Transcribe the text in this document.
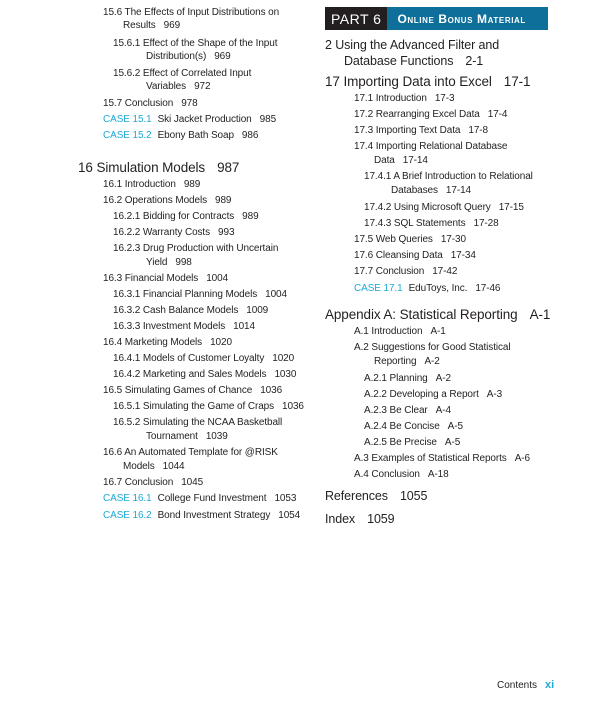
15.6 The Effects of Input Distributions on
Results 969
15.6.1 Effect of the Shape of the Input
Distribution(s) 969
15.6.2 Effect of Correlated Input
Variables 972
15.7 Conclusion 978
CASE 15.1 Ski Jacket Production 985
CASE 15.2 Ebony Bath Soap 986
16 Simulation Models 987
16.1 Introduction 989
16.2 Operations Models 989
16.2.1 Bidding for Contracts 989
16.2.2 Warranty Costs 993
16.2.3 Drug Production with Uncertain
Yield 998
16.3 Financial Models 1004
16.3.1 Financial Planning Models 1004
16.3.2 Cash Balance Models 1009
16.3.3 Investment Models 1014
16.4 Marketing Models 1020
16.4.1 Models of Customer Loyalty 1020
16.4.2 Marketing and Sales Models 1030
16.5 Simulating Games of Chance 1036
16.5.1 Simulating the Game of Craps 1036
16.5.2 Simulating the NCAA Basketball
Tournament 1039
16.6 An Automated Template for @RISK
Models 1044
16.7 Conclusion 1045
CASE 16.1 College Fund Investment 1053
CASE 16.2 Bond Investment Strategy 1054
PART 6	Online Bonus Material
2 Using the Advanced Filter and
Database Functions 2-1
17 Importing Data into Excel 17-1
17.1 Introduction 17-3
17.2 Rearranging Excel Data 17-4
17.3 Importing Text Data 17-8
17.4 Importing Relational Database
Data 17-14
17.4.1 A Brief Introduction to Relational
Databases 17-14
17.4.2 Using Microsoft Query 17-15
17.4.3 SQL Statements 17-28
17.5 Web Queries 17-30
17.6 Cleansing Data 17-34
17.7 Conclusion 17-42
CASE 17.1 EduToys, Inc. 17-46
Appendix A: Statistical Reporting A-1
A.1 Introduction A-1
A.2 Suggestions for Good Statistical
Reporting A-2
A.2.1 Planning A-2
A.2.2 Developing a Report A-3
A.2.3 Be Clear A-4
A.2.4 Be Concise A-5
A.2.5 Be Precise A-5
A.3 Examples of Statistical Reports A-6
A.4 Conclusion A-18
References 1055
Index 1059
Contents xi
